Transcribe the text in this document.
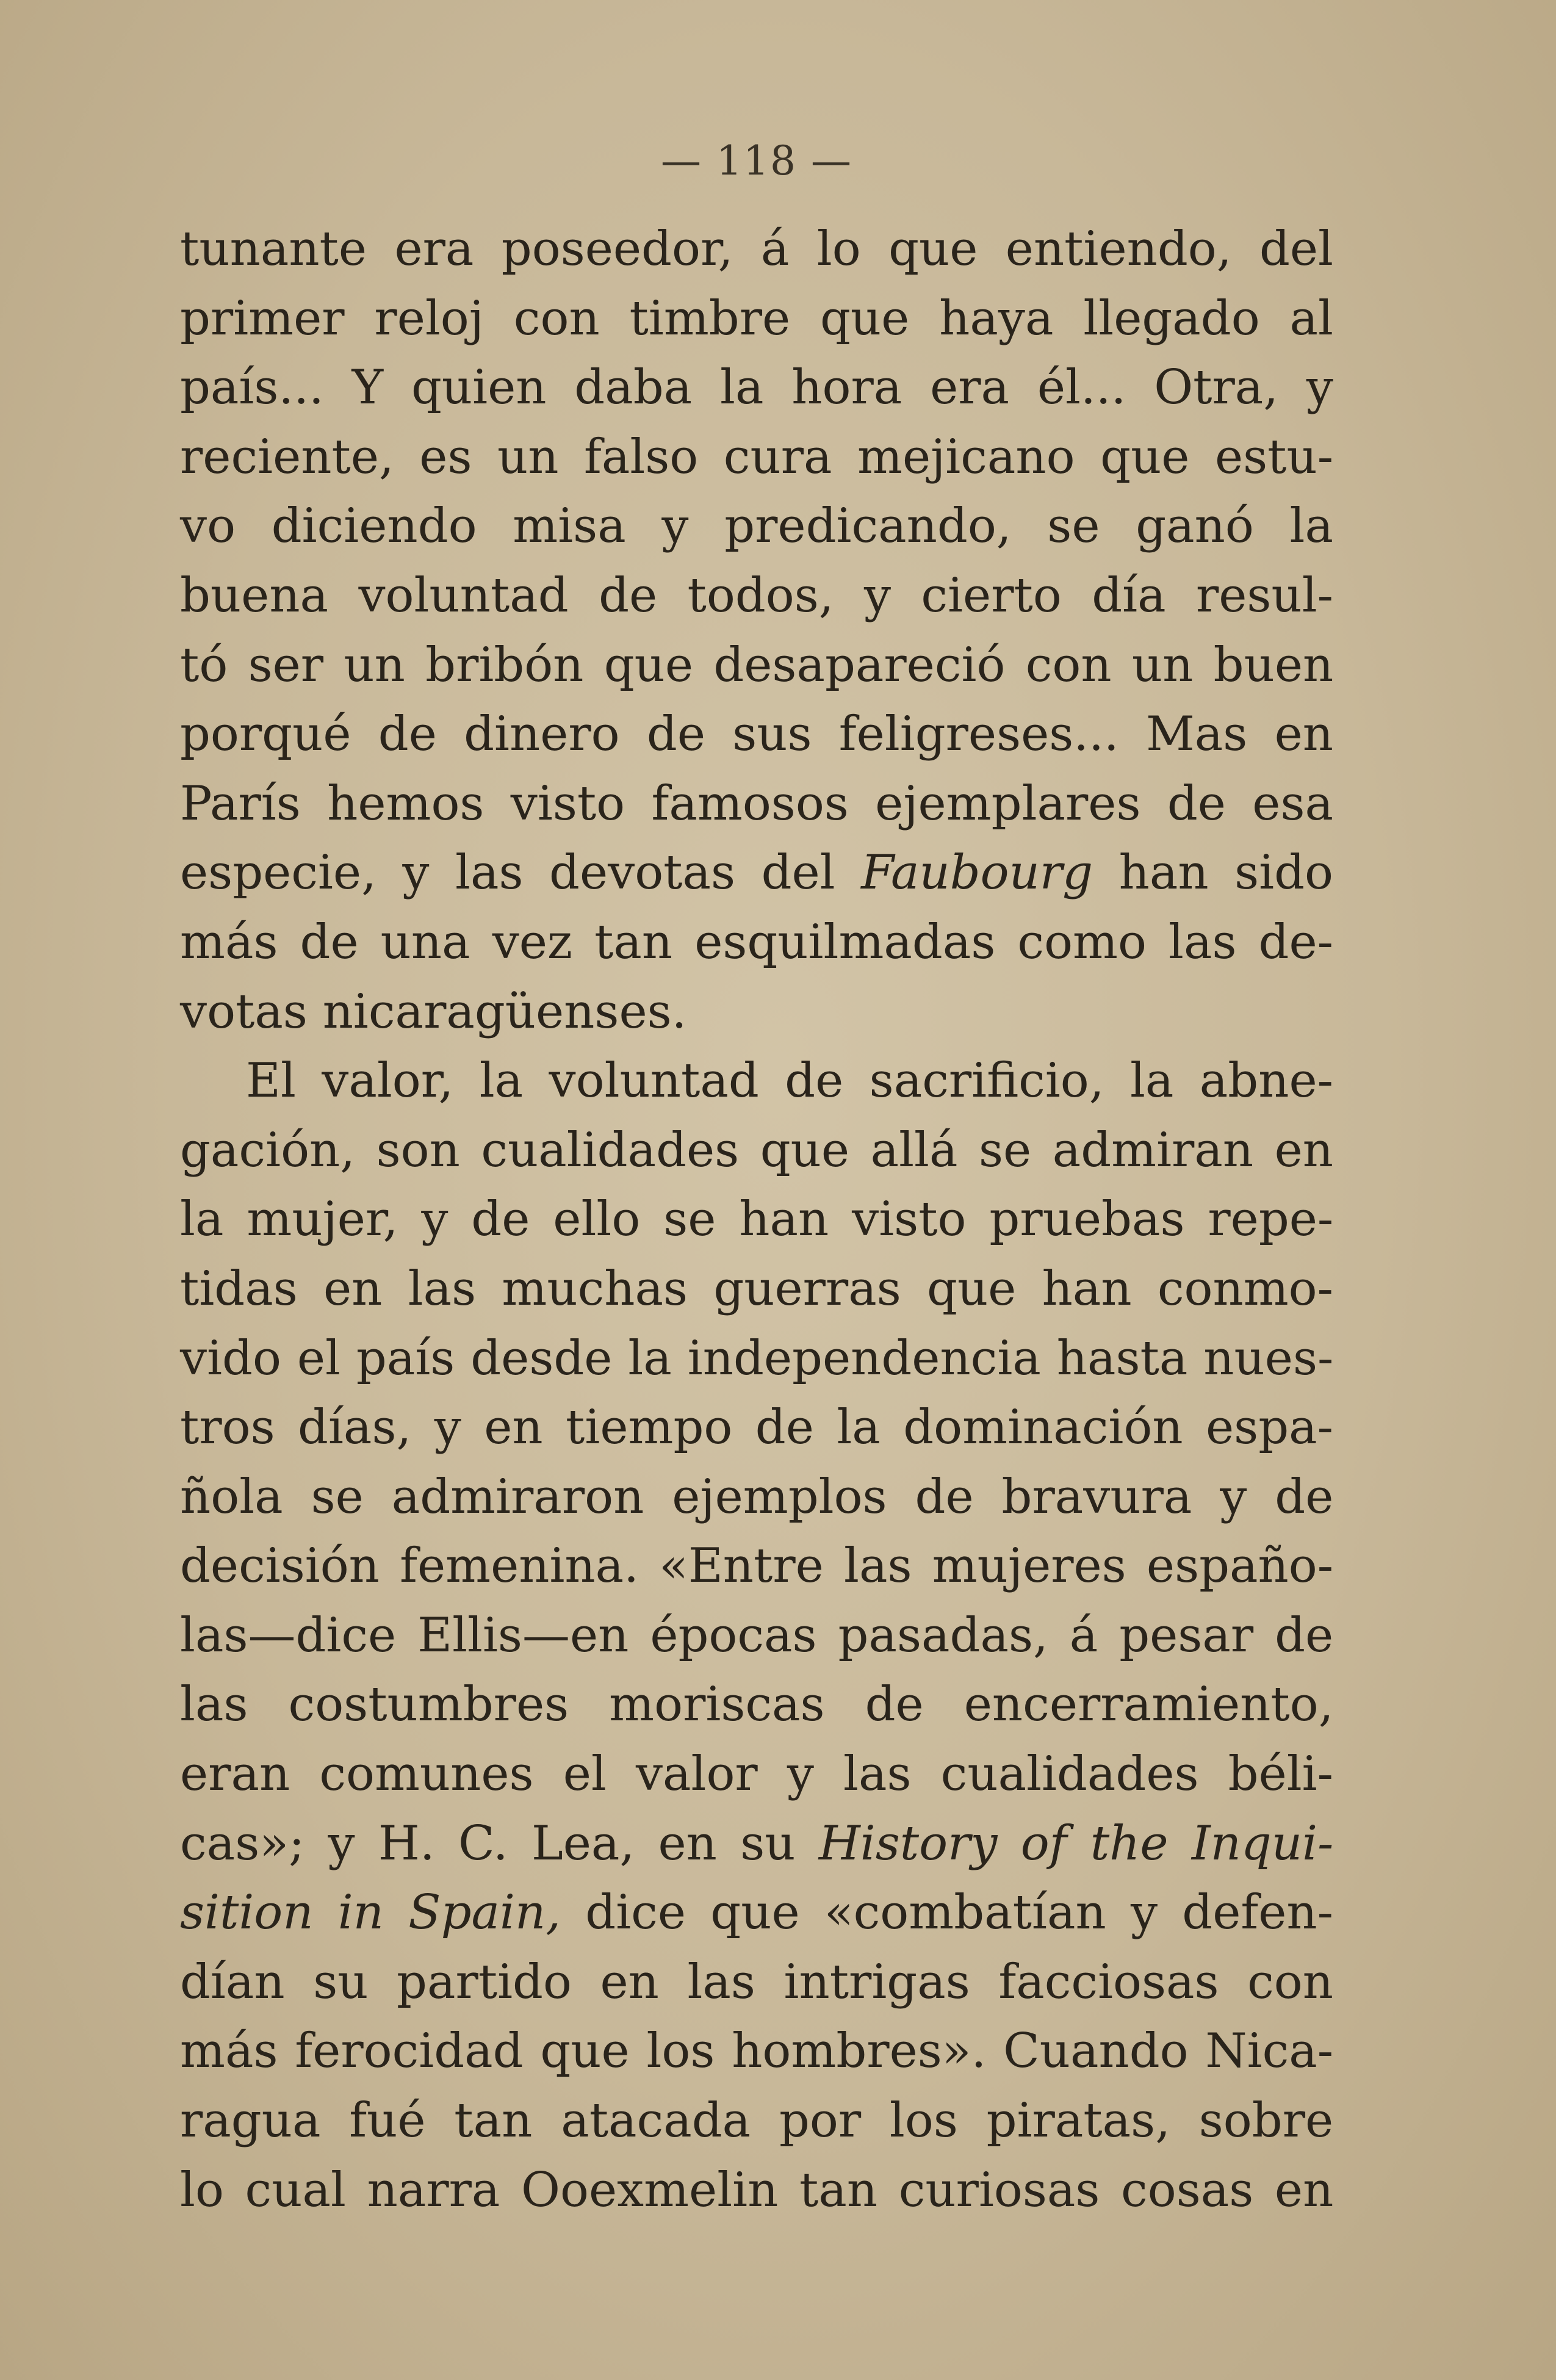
— 118 —
tunante era poseedor, á lo que entiendo, del
primer reloj con timbre que haya llegado al
país... Y quien daba la hora era él... Otra, y
reciente, es un falso cura mejicano que estu-
vo diciendo misa y predicando, se ganó la
buena voluntad de todos, y cierto día resul-
tó ser un bribón que desapareció con un buen
porqué de dinero de sus feligreses... Mas en
París hemos visto famosos ejemplares de esa
especie, y las devotas del Faubourg han sido
más de una vez tan esquilmadas como las de-
votas nicaragüenses.
El valor, la voluntad de sacrificio, la abne-
gación, son cualidades que allá se admiran en
la mujer, y de ello se han visto pruebas repe-
tidas en las muchas guerras que han conmo-
vido el país desde la independencia hasta nues-
tros días, y en tiempo de la dominación espa-
ñola se admiraron ejemplos de bravura y de
decisión femenina. «Entre las mujeres españo-
las—dice Ellis—en épocas pasadas, á pesar de
las costumbres moriscas de encerramiento,
eran comunes el valor y las cualidades béli-
cas»; y H. C. Lea, en su History of the Inqui-
sition in Spain, dice que «combatían y defen-
dían su partido en las intrigas facciosas con
más ferocidad que los hombres». Cuando Nica-
ragua fué tan atacada por los piratas, sobre
lo cual narra Ooexmelin tan curiosas cosas en
